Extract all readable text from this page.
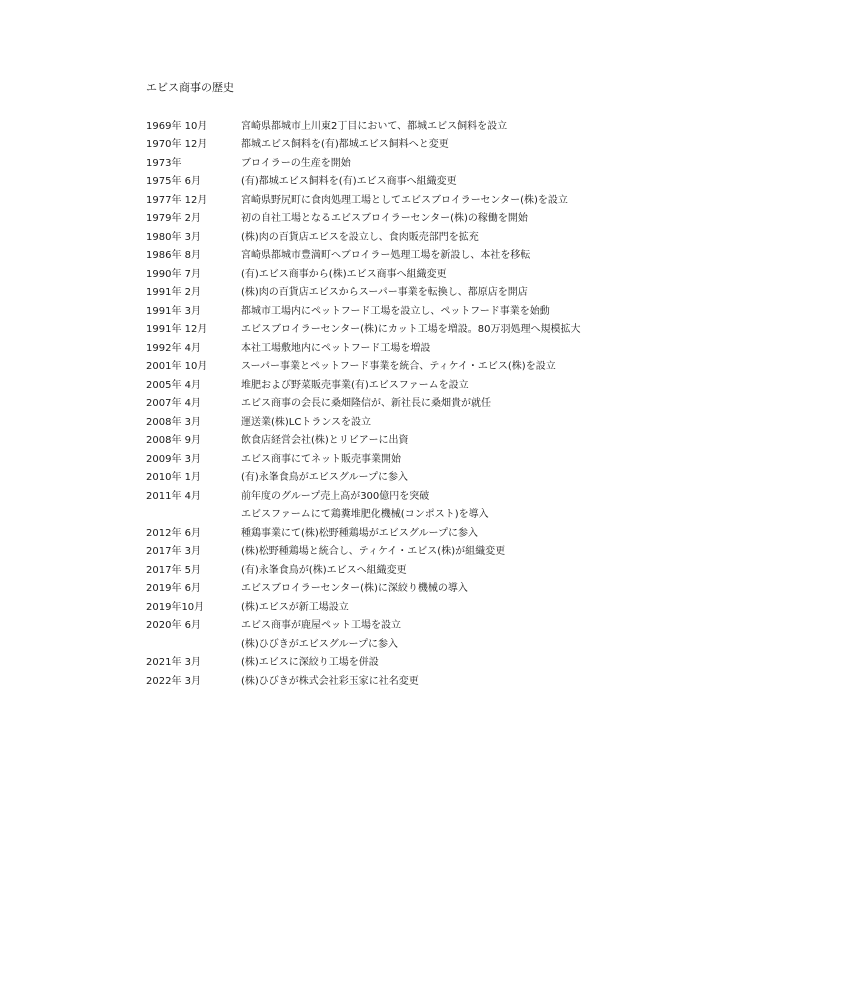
エビス商事の歴史
1969年 10月	宮崎県都城市上川東2丁目において、都城エビス飼料を設立
1970年 12月	都城エビス飼料を(有)都城エビス飼料へと変更
1973年	ブロイラーの生産を開始
1975年 6月	(有)都城エビス飼料を(有)エビス商事へ組織変更
1977年 12月	宮崎県野尻町に食肉処理工場としてエビスブロイラーセンター(株)を設立
1979年 2月	初の自社工場となるエビスブロイラーセンター(株)の稼働を開始
1980年 3月	(株)肉の百貨店エビスを設立し、食肉販売部門を拡充
1986年 8月	宮崎県都城市豊満町へブロイラー処理工場を新設し、本社を移転
1990年 7月	(有)エビス商事から(株)エビス商事へ組織変更
1991年 2月	(株)肉の百貨店エビスからスーパー事業を転換し、都原店を開店
1991年 3月	都城市工場内にペットフード工場を設立し、ペットフード事業を始動
1991年 12月	エビスブロイラーセンター(株)にカット工場を増設。80万羽処理へ規模拡大
1992年 4月	本社工場敷地内にペットフード工場を増設
2001年 10月	スーパー事業とペットフード事業を統合、ティケイ・エビス(株)を設立
2005年 4月	堆肥および野菜販売事業(有)エビスファームを設立
2007年 4月	エビス商事の会長に桑畑隆信が、新社長に桑畑貴が就任
2008年 3月	運送業(株)LCトランスを設立
2008年 9月	飲食店経営会社(株)とリビアーに出資
2009年 3月	エビス商事にてネット販売事業開始
2010年 1月	(有)永峯食鳥がエビスグループに参入
2011年 4月	前年度のグループ売上高が300億円を突破
エビスファームにて鶏糞堆肥化機械(コンポスト)を導入
2012年 6月	種鶏事業にて(株)松野種鶏場がエビスグループに参入
2017年 3月	(株)松野種鶏場と統合し、ティケイ・エビス(株)が組織変更
2017年 5月	(有)永峯食鳥が(株)エビスへ組織変更
2019年 6月	エビスブロイラーセンター(株)に深絞り機械の導入
2019年10月	(株)エビスが新工場設立
2020年 6月	エビス商事が鹿屋ペット工場を設立
(株)ひびきがエビスグループに参入
2021年 3月	(株)エビスに深絞り工場を併設
2022年 3月	(株)ひびきが株式会社彩玉家に社名変更
